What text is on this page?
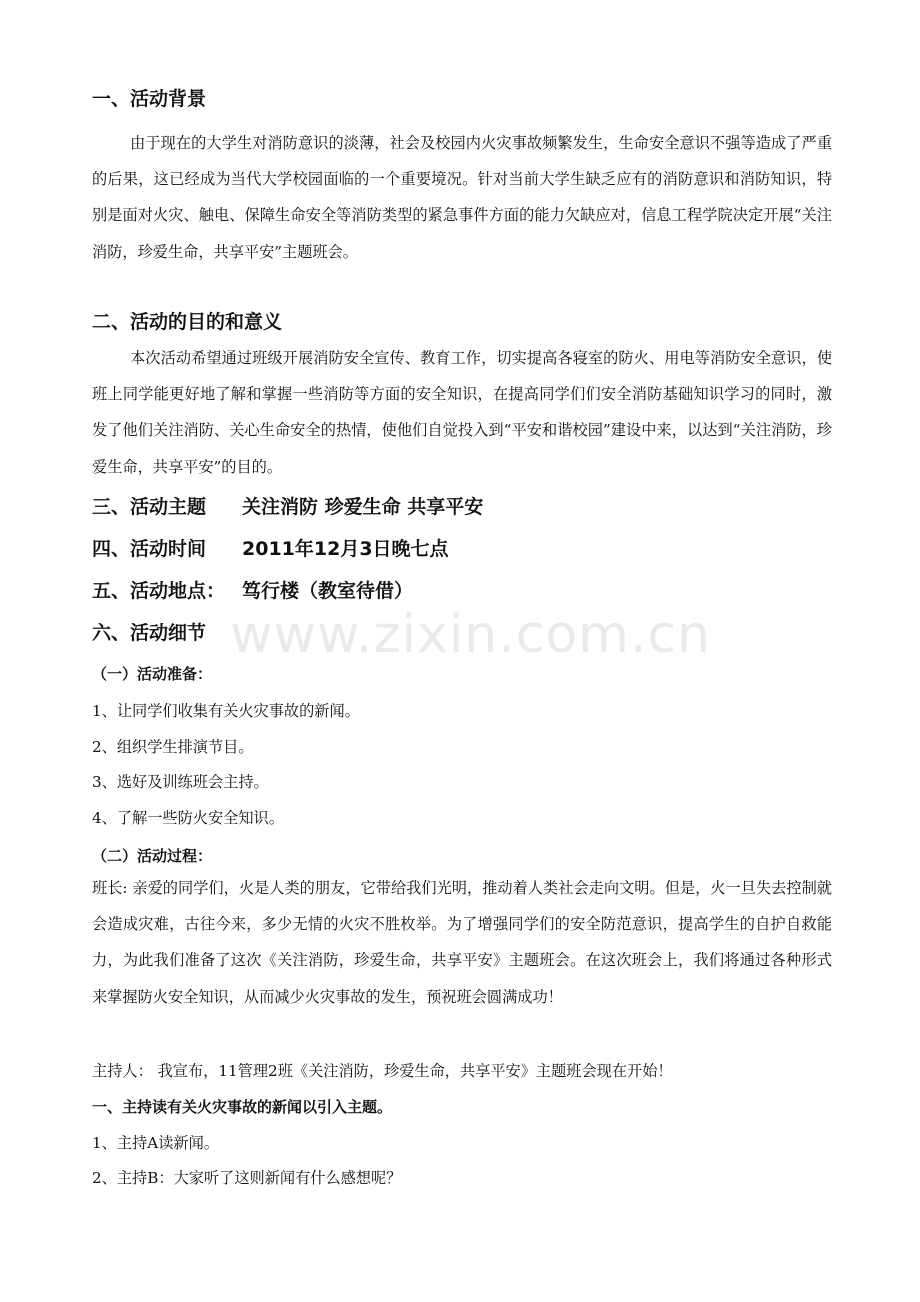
一、活动背景
由于现在的大学生对消防意识的淡薄，社会及校园内火灾事故频繁发生，生命安全意识不强等造成了严重的后果，这已经成为当代大学校园面临的一个重要境况。针对当前大学生缺乏应有的消防意识和消防知识，特别是面对火灾、触电、保障生命安全等消防类型的紧急事件方面的能力欠缺应对，信息工程学院决定开展“关注消防，珍爱生命，共享平安”主题班会。
二、活动的目的和意义
本次活动希望通过班级开展消防安全宣传、教育工作，切实提高各寝室的防火、用电等消防安全意识，使班上同学能更好地了解和掌握一些消防等方面的安全知识，在提高同学们们安全消防基础知识学习的同时，激发了他们关注消防、关心生命安全的热情，使他们自觉投入到“平安和谐校园”建设中来，以达到“关注消防，珍爱生命，共享平安”的目的。
三、活动主题 关注消防 珍爱生命 共享平安
四、活动时间 2011年12月3日晚七点
五、活动地点： 笃行楼（教室待借）
六、活动细节
（一）活动准备：
1、让同学们收集有关火灾事故的新闻。
2、组织学生排演节目。
3、选好及训练班会主持。
4、了解一些防火安全知识。
（二）活动过程：
班长: 亲爱的同学们，火是人类的朋友，它带给我们光明，推动着人类社会走向文明。但是，火一旦失去控制就会造成灾难，古往今来，多少无情的火灾不胜枚举。为了增强同学们的安全防范意识，提高学生的自护自救能力，为此我们准备了这次《关注消防，珍爱生命，共享平安》主题班会。在这次班会上，我们将通过各种形式来掌握防火安全知识，从而减少火灾事故的发生，预祝班会圆满成功！
主持人： 我宣布，11管理2班《关注消防，珍爱生命，共享平安》主题班会现在开始！
一、主持读有关火灾事故的新闻以引入主题。
1、主持A读新闻。
2、主持B：大家听了这则新闻有什么感想呢？
www.zixin.com.cn
